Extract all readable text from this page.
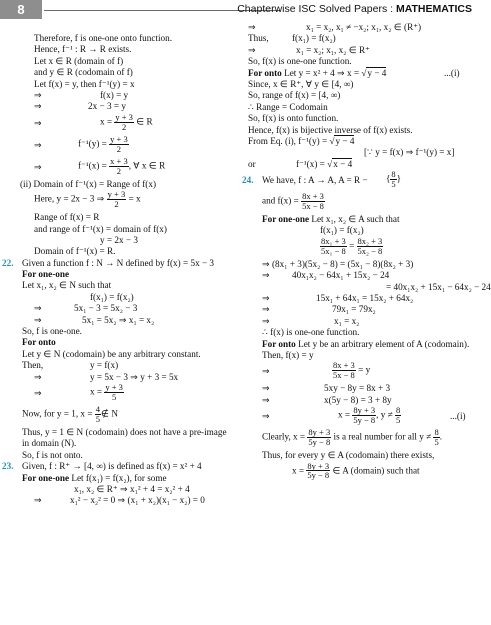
8	Chapterwise ISC Solved Papers : MATHEMATICS
Therefore, f is one-one onto function.
Hence, f⁻¹ : R → R exists.
Let x ∈ R (domain of f)
and y ∈ R (codomain of f)
Let f(x) = y, then f⁻¹(y) = x
⇒	f(x) = y
⇒	2x − 3 = y
⇒	$x = \frac{y + 3}{2}$ ∈ R
⇒	$f^{-1}(y) = \frac{y + 3}{2}$
⇒	$f^{-1}(x) = \frac{x + 3}{2}$ , ∀ x ∈ R
(ii) Domain of f⁻¹(x) = Range of f(x)
Here, y = 2x − 3 ⇒ $\frac{y + 3}{2} = x$
Range of f(x) = R
and range of f⁻¹(x) = domain of f(x)
y = 2x − 3
Domain of f⁻¹(x) = R.
22. Given a function f : N → N defined by f(x) = 5x − 3
For one-one
Let x₁, x₂ ∈ N such that
f(x₁) = f(x₂)
⇒	5x₁ − 3 = 5x₂ − 3
⇒	5x₁ = 5x₂ ⇒ x₁ = x₂
So, f is one-one.
For onto
Let y ∈ N (codomain) be any arbitrary constant.
Then,	y = f(x)
⇒	y = 5x − 3 ⇒ y + 3 = 5x
⇒	$x = \frac{y + 3}{5}$
Now, for y = 1, $x = \frac{4}{5}$ ∉ N
Thus, y = 1 ∈ N (codomain) does not have a pre-image
in domain (N).
So, f is not onto.
23. Given, f : R⁺ → [4, ∞) is defined as f(x) = x² + 4
For one-one Let f(x₁) = f(x₂), for some
x₁, x₂ ∈ R⁺ ⇒ x₁² + 4 = x₂² + 4
⇒	x₁² − x₂² = 0 ⇒ (x₁ + x₂)(x₁ − x₂) = 0
⇒	x₁ = x₂, x₁ ≠ −x₂; x₁, x₂ ∈ (R⁺)
Thus,	f(x₁) = f(x₂)
⇒	x₁ = x₂; x₁, x₂ ∈ R⁺
So, f(x) is one-one function.
For onto Let y = x² + 4 ⇒ x = √y − 4	...(i)
Since, x ∈ R⁺, ∀ y ∈ [4, ∞)
So, range of f(x) = [4, ∞)
∴ Range = Codomain
So, f(x) is onto function.
Hence, f(x) is bijective inverse of f(x) exists.
From Eq. (i), f⁻¹(y) = √y − 4
[∵ y = f(x) ⇒ f⁻¹(y) = x]
or	f⁻¹(x) = √x − 4
24. We have, f : A → A, A = R − { $\frac{8}{5}$ }
and $f(x) = \frac{8x + 3}{5x - 8}$
For one-one Let x₁, x₂ ∈ A such that
f(x₁) = f(x₂)
$\frac{\text{8x₁ + 3}}{\text{5x₁ − 8}} = \frac{\text{8x₂ + 3}}{\text{5x₂ − 8}}$
⇒ (8x₁ + 3)(5x₂ − 8) = (5x₁ − 8)(8x₂ + 3)
⇒ 40x₁x₂ − 64x₁ + 15x₂ − 24
= 40x₁x₂ + 15x₁ − 64x₂ − 24
⇒	15x₁ + 64x₁ = 15x₂ + 64x₂
⇒	79x₁ = 79x₂
⇒	x₁ = x₂
∴ f(x) is one-one function.
For onto Let y be an arbitrary element of A (codomain).
Then, f(x) = y
⇒	$\frac{8x + 3}{5x - 8} = y$
⇒	5xy − 8y = 8x + 3
⇒	x(5y − 8) = 3 + 8y
⇒	$x = \frac{8y + 3}{5y - 8}$ , $y \ne \frac{8}{5}$	...(i)
Clearly, $x = \frac{8y + 3}{5y - 8}$ is a real number for all $y \ne \frac{8}{5}$ .
Thus, for every y ∈ A (codomain) there exists,
$x = \frac{8y + 3}{5y - 8}$ ∈ A (domain) such that
